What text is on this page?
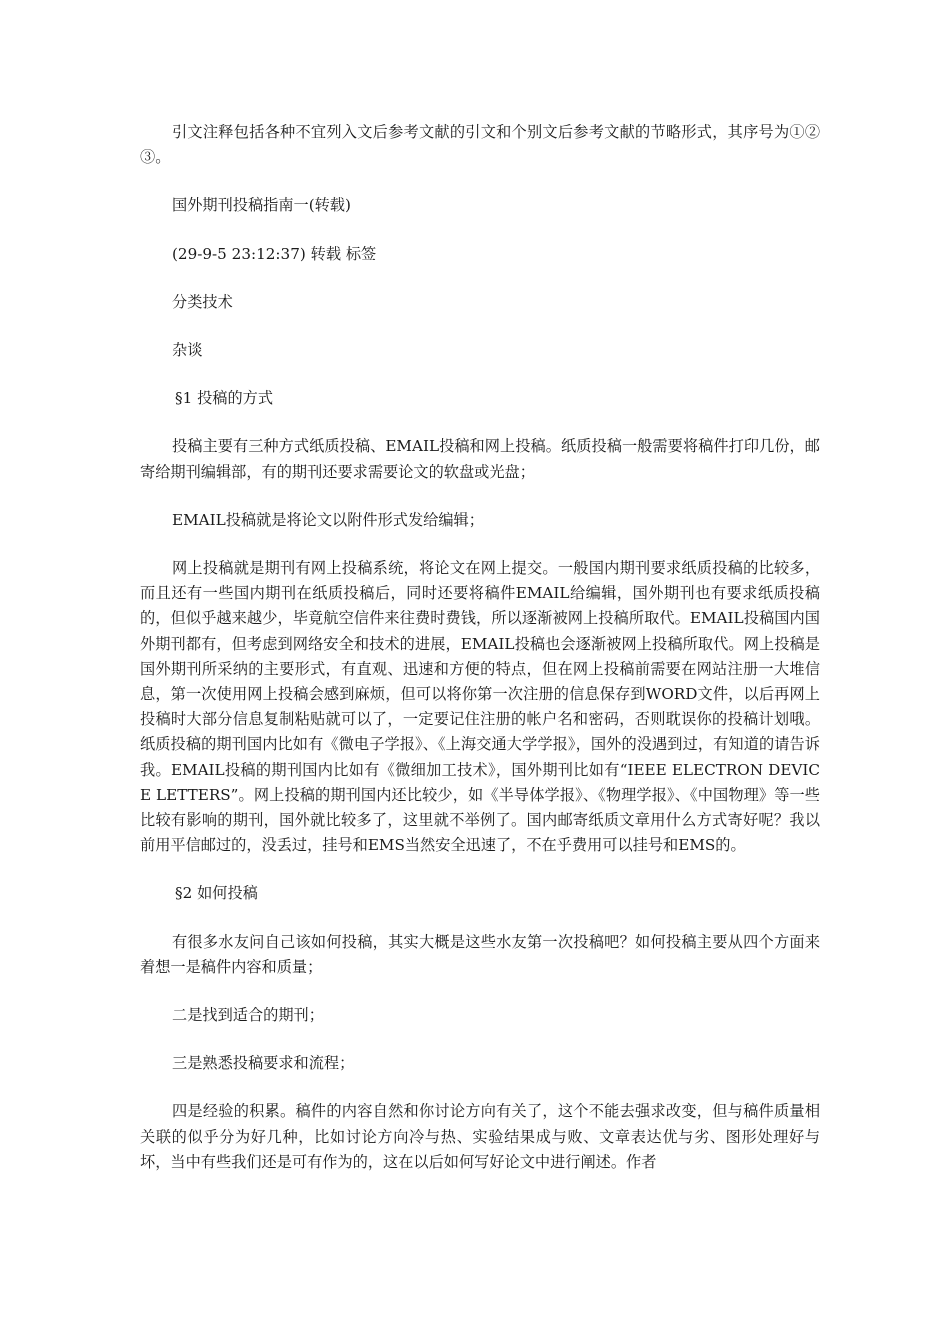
引文注释包括各种不宜列入文后参考文献的引文和个别文后参考文献的节略形式，其序号为①②③。

国外期刊投稿指南一(转载)
(29-9-5 23:12:37) 转载 标签
分类技术
杂谈
§1 投稿的方式

投稿主要有三种方式纸质投稿、EMAIL投稿和网上投稿。纸质投稿一般需要将稿件打印几份，邮寄给期刊编辑部，有的期刊还要求需要论文的软盘或光盘；

EMAIL投稿就是将论文以附件形式发给编辑；

网上投稿就是期刊有网上投稿系统，将论文在网上提交。一般国内期刊要求纸质投稿的比较多，而且还有一些国内期刊在纸质投稿后，同时还要将稿件EMAIL给编辑，国外期刊也有要求纸质投稿的，但似乎越来越少，毕竟航空信件来往费时费钱，所以逐渐被网上投稿所取代。EMAIL投稿国内国外期刊都有，但考虑到网络安全和技术的进展，EMAIL投稿也会逐渐被网上投稿所取代。网上投稿是国外期刊所采纳的主要形式，有直观、迅速和方便的特点，但在网上投稿前需要在网站注册一大堆信息，第一次使用网上投稿会感到麻烦，但可以将你第一次注册的信息保存到WORD文件，以后再网上投稿时大部分信息复制粘贴就可以了，一定要记住注册的帐户名和密码，否则耽误你的投稿计划哦。纸质投稿的期刊国内比如有《微电子学报》、《上海交通大学学报》，国外的没遇到过，有知道的请告诉我。EMAIL投稿的期刊国内比如有《微细加工技术》，国外期刊比如有“IEEE ELECTRON DEVICE LETTERS”。网上投稿的期刊国内还比较少，如《半导体学报》、《物理学报》、《中国物理》等一些比较有影响的期刊，国外就比较多了，这里就不举例了。国内邮寄纸质文章用什么方式寄好呢？我以前用平信邮过的，没丢过，挂号和EMS当然安全迅速了，不在乎费用可以挂号和EMS的。

§2 如何投稿

有很多水友问自己该如何投稿，其实大概是这些水友第一次投稿吧？如何投稿主要从四个方面来着想一是稿件内容和质量；

二是找到适合的期刊；

三是熟悉投稿要求和流程；

四是经验的积累。稿件的内容自然和你讨论方向有关了，这个不能去强求改变，但与稿件质量相关联的似乎分为好几种，比如讨论方向冷与热、实验结果成与败、文章表达优与劣、图形处理好与坏，当中有些我们还是可有作为的，这在以后如何写好论文中进行阐述。作者
